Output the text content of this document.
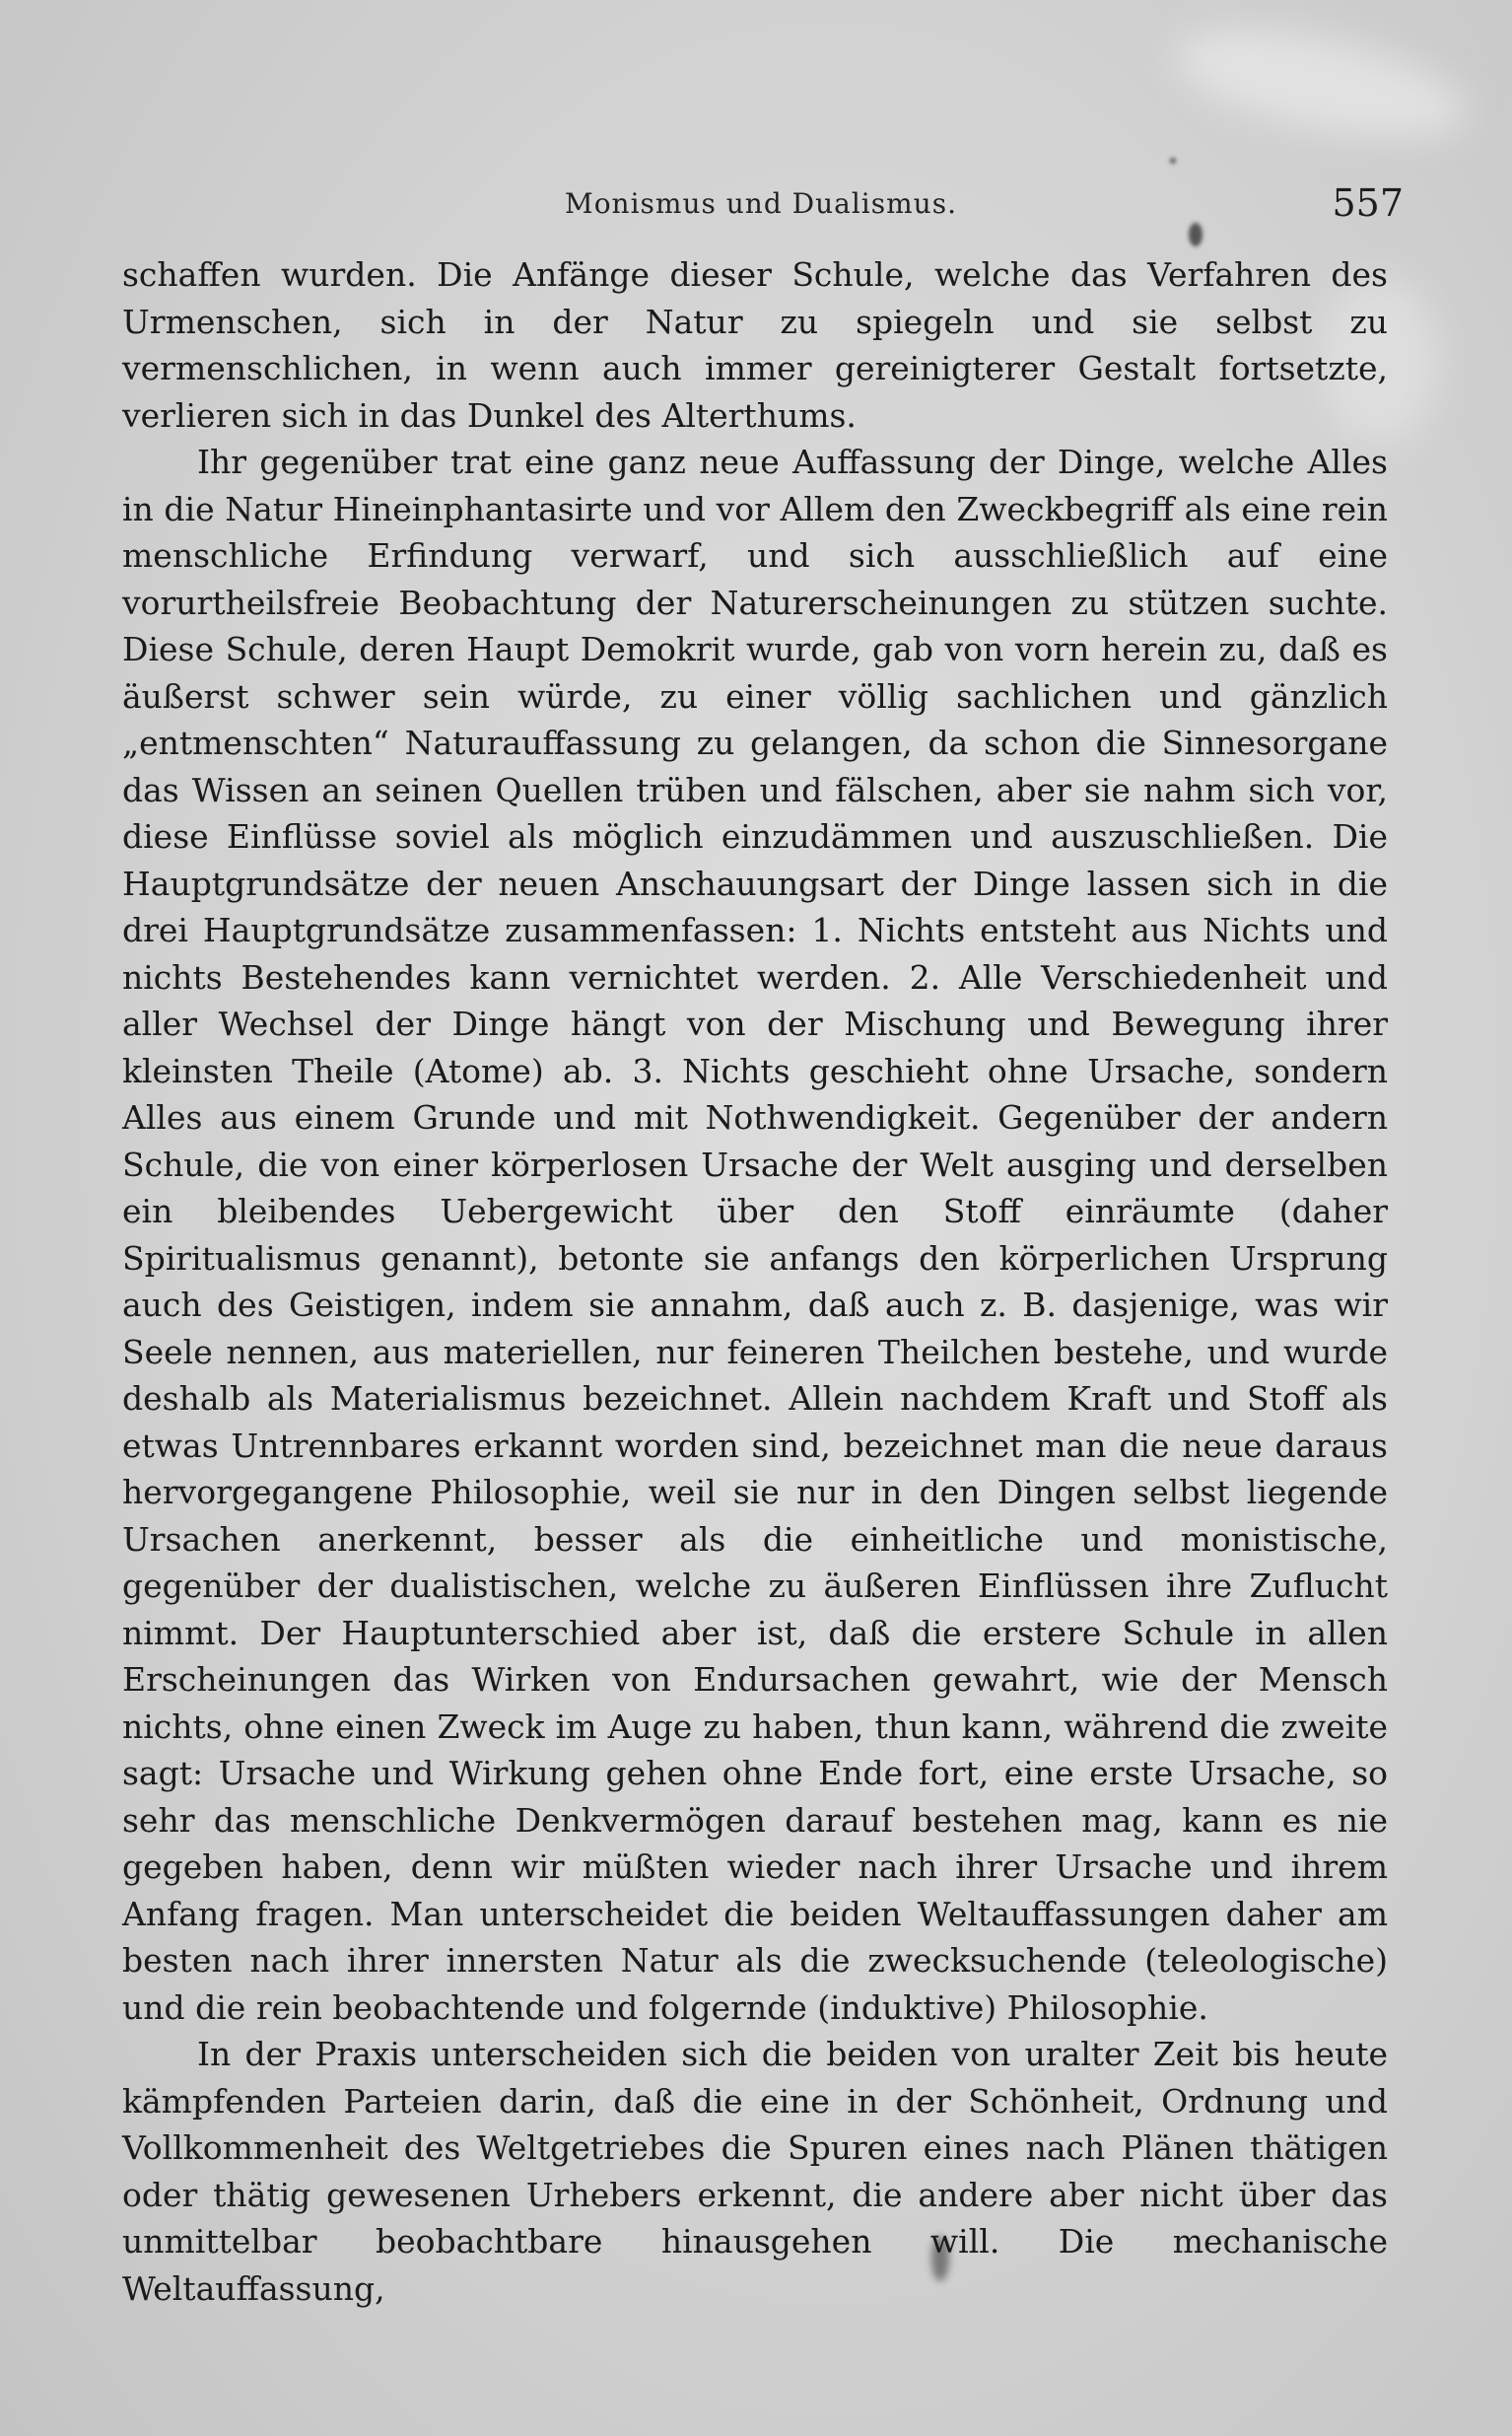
Monismus und Dualismus.	557

schaffen wurden. Die Anfänge dieser Schule, welche das Verfahren des Urmenschen, sich in der Natur zu spiegeln und sie selbst zu vermenschlichen, in wenn auch immer gereinigterer Gestalt fortsetzte, verlieren sich in das Dunkel des Alterthums.

Ihr gegenüber trat eine ganz neue Auffassung der Dinge, welche Alles in die Natur Hineinphantasirte und vor Allem den Zweckbegriff als eine rein menschliche Erfindung verwarf, und sich ausschließlich auf eine vorurtheilsfreie Beobachtung der Naturerscheinungen zu stützen suchte. Diese Schule, deren Haupt Demokrit wurde, gab von vorn herein zu, daß es äußerst schwer sein würde, zu einer völlig sachlichen und gänzlich „entmenschten“ Naturauffassung zu gelangen, da schon die Sinnesorgane das Wissen an seinen Quellen trüben und fälschen, aber sie nahm sich vor, diese Einflüsse soviel als möglich einzudämmen und auszuschließen. Die Hauptgrundsätze der neuen Anschauungsart der Dinge lassen sich in die drei Hauptgrundsätze zusammenfassen: 1. Nichts entsteht aus Nichts und nichts Bestehendes kann vernichtet werden. 2. Alle Verschiedenheit und aller Wechsel der Dinge hängt von der Mischung und Bewegung ihrer kleinsten Theile (Atome) ab. 3. Nichts geschieht ohne Ursache, sondern Alles aus einem Grunde und mit Nothwendigkeit. Gegenüber der andern Schule, die von einer körperlosen Ursache der Welt ausging und derselben ein bleibendes Uebergewicht über den Stoff einräumte (daher Spiritualismus genannt), betonte sie anfangs den körperlichen Ursprung auch des Geistigen, indem sie annahm, daß auch z. B. dasjenige, was wir Seele nennen, aus materiellen, nur feineren Theilchen bestehe, und wurde deshalb als Materialismus bezeichnet. Allein nachdem Kraft und Stoff als etwas Untrennbares erkannt worden sind, bezeichnet man die neue daraus hervorgegangene Philosophie, weil sie nur in den Dingen selbst liegende Ursachen anerkennt, besser als die einheitliche und monistische, gegenüber der dualistischen, welche zu äußeren Einflüssen ihre Zuflucht nimmt. Der Hauptunterschied aber ist, daß die erstere Schule in allen Erscheinungen das Wirken von Endursachen gewahrt, wie der Mensch nichts, ohne einen Zweck im Auge zu haben, thun kann, während die zweite sagt: Ursache und Wirkung gehen ohne Ende fort, eine erste Ursache, so sehr das menschliche Denkvermögen darauf bestehen mag, kann es nie gegeben haben, denn wir müßten wieder nach ihrer Ursache und ihrem Anfang fragen. Man unterscheidet die beiden Weltauffassungen daher am besten nach ihrer innersten Natur als die zwecksuchende (teleologische) und die rein beobachtende und folgernde (induktive) Philosophie.

In der Praxis unterscheiden sich die beiden von uralter Zeit bis heute kämpfenden Parteien darin, daß die eine in der Schönheit, Ordnung und Vollkommenheit des Weltgetriebes die Spuren eines nach Plänen thätigen oder thätig gewesenen Urhebers erkennt, die andere aber nicht über das unmittelbar beobachtbare hinausgehen will. Die mechanische Weltauffassung,
